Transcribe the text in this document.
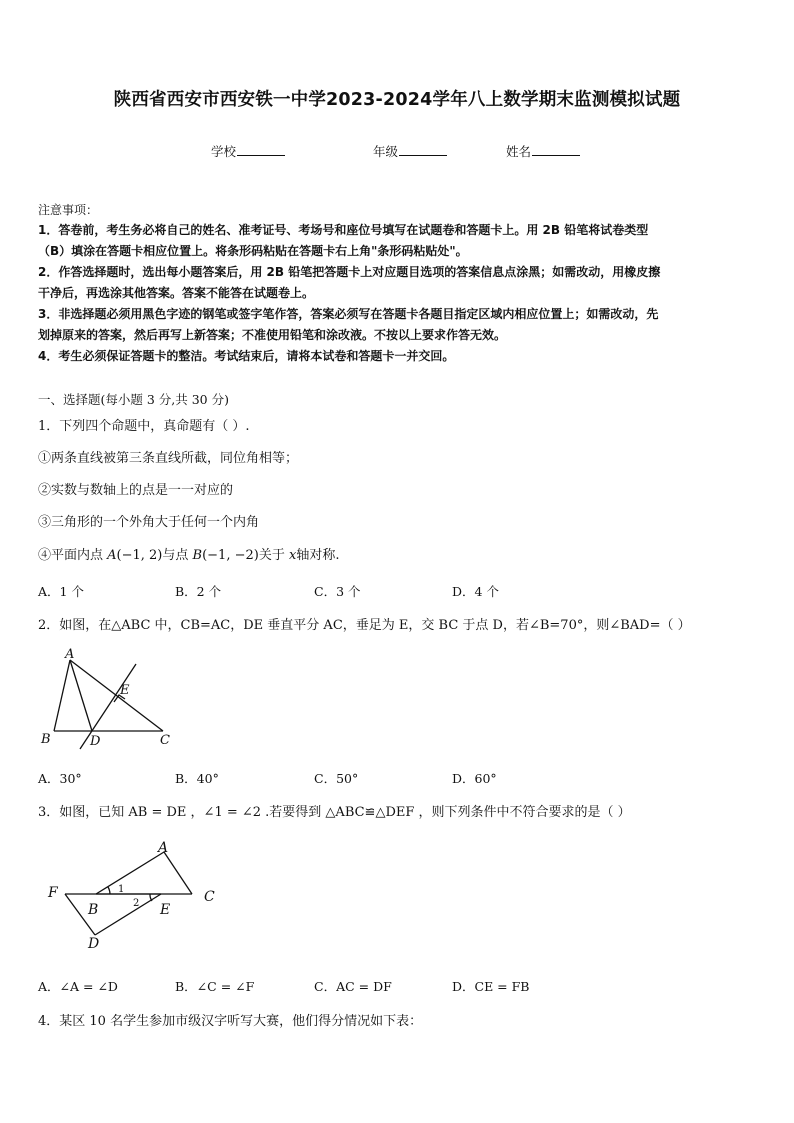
陕西省西安市西安铁一中学2023-2024学年八上数学期末监测模拟试题
学校	年级	姓名
注意事项：
1．答卷前，考生务必将自己的姓名、准考证号、考场号和座位号填写在试题卷和答题卡上。用 2B 铅笔将试卷类型
（B）填涂在答题卡相应位置上。将条形码粘贴在答题卡右上角"条形码粘贴处"。
2．作答选择题时，选出每小题答案后，用 2B 铅笔把答题卡上对应题目选项的答案信息点涂黑；如需改动，用橡皮擦
干净后，再选涂其他答案。答案不能答在试题卷上。
3．非选择题必须用黑色字迹的钢笔或签字笔作答，答案必须写在答题卡各题目指定区域内相应位置上；如需改动，先
划掉原来的答案，然后再写上新答案；不准使用铅笔和涂改液。不按以上要求作答无效。
4．考生必须保证答题卡的整洁。考试结束后，请将本试卷和答题卡一并交回。
一、选择题(每小题 3 分,共 30 分)
1．下列四个命题中，真命题有（ ）.
①两条直线被第三条直线所截，同位角相等；
②实数与数轴上的点是一一对应的
③三角形的一个外角大于任何一个内角
④平面内点 A(−1, 2)与点 B(−1, −2)关于 x轴对称.
A．1 个	B．2 个	C．3 个	D．4 个
2．如图，在△ABC 中，CB=AC，DE 垂直平分 AC，垂足为 E，交 BC 于点 D，若∠B=70°，则∠BAD=（ ）
A
B	C
D
E
A．30°	B．40°	C．50°	D．60°
3．如图，已知 AB = DE ，∠1 = ∠2 .若要得到 △ABC≌△DEF ，则下列条件中不符合要求的是（ ）
A
B
C
D
E
F	1
2
A．∠A = ∠D	B．∠C = ∠F	C．AC = DF	D．CE = FB
4．某区 10 名学生参加市级汉字听写大赛，他们得分情况如下表：
